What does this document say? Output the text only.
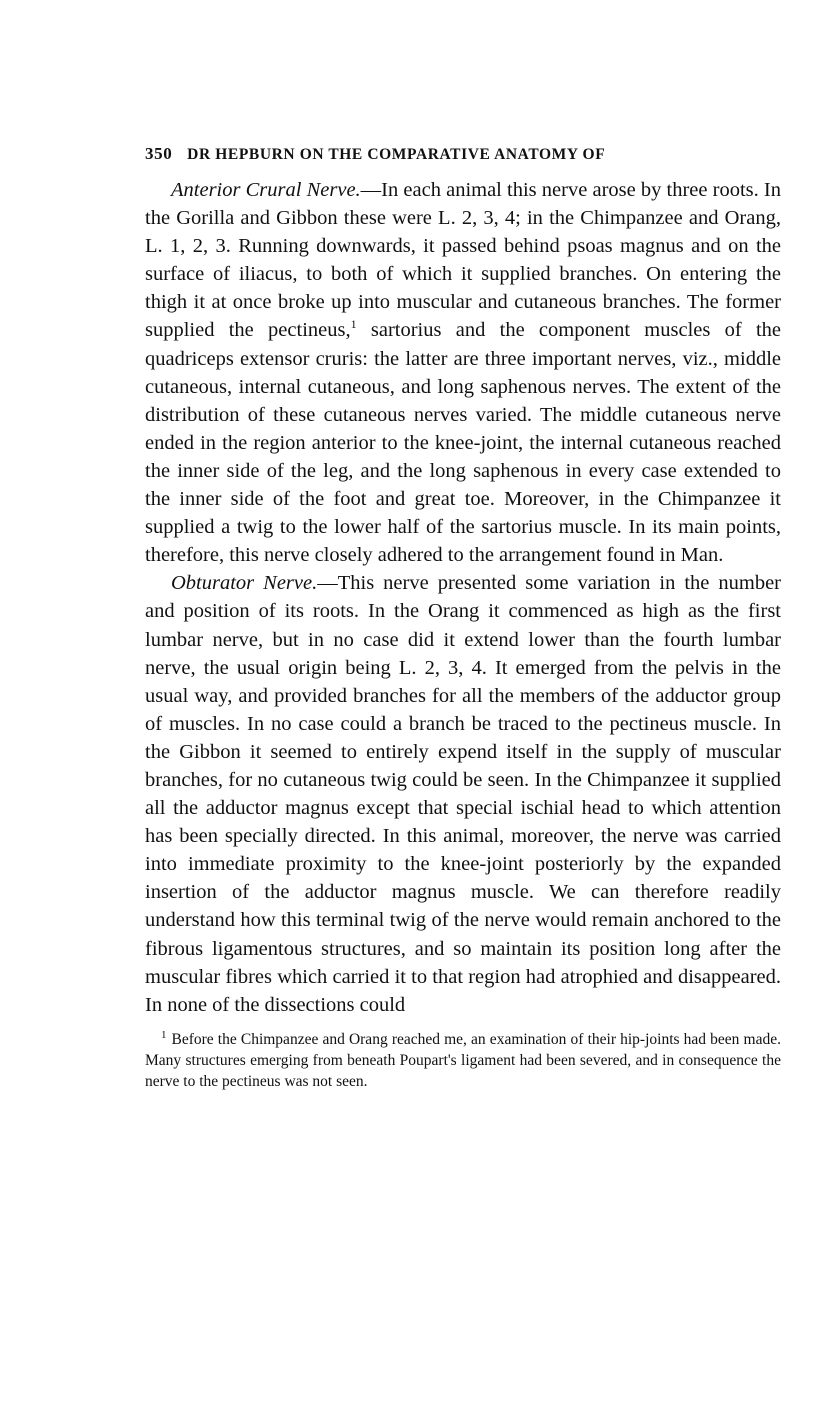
350 DR HEPBURN ON THE COMPARATIVE ANATOMY OF

Anterior Crural Nerve.—In each animal this nerve arose by three roots. In the Gorilla and Gibbon these were L. 2, 3, 4; in the Chimpanzee and Orang, L. 1, 2, 3. Running downwards, it passed behind psoas magnus and on the surface of iliacus, to both of which it supplied branches. On entering the thigh it at once broke up into muscular and cutaneous branches. The former supplied the pectineus,$^1$ sartorius and the component muscles of the quadriceps extensor cruris: the latter are three important nerves, viz., middle cutaneous, internal cutaneous, and long saphenous nerves. The extent of the distribution of these cutaneous nerves varied. The middle cutaneous nerve ended in the region anterior to the knee-joint, the internal cutaneous reached the inner side of the leg, and the long saphenous in every case extended to the inner side of the foot and great toe. Moreover, in the Chimpanzee it supplied a twig to the lower half of the sartorius muscle. In its main points, therefore, this nerve closely adhered to the arrangement found in Man.

Obturator Nerve.—This nerve presented some variation in the number and position of its roots. In the Orang it commenced as high as the first lumbar nerve, but in no case did it extend lower than the fourth lumbar nerve, the usual origin being L. 2, 3, 4. It emerged from the pelvis in the usual way, and provided branches for all the members of the adductor group of muscles. In no case could a branch be traced to the pectineus muscle. In the Gibbon it seemed to entirely expend itself in the supply of muscular branches, for no cutaneous twig could be seen. In the Chimpanzee it supplied all the adductor magnus except that special ischial head to which attention has been specially directed. In this animal, moreover, the nerve was carried into immediate proximity to the knee-joint posteriorly by the expanded insertion of the adductor magnus muscle. We can therefore readily understand how this terminal twig of the nerve would remain anchored to the fibrous ligamentous structures, and so maintain its position long after the muscular fibres which carried it to that region had atrophied and disappeared. In none of the dissections could

$^1$ Before the Chimpanzee and Orang reached me, an examination of their hip-joints had been made. Many structures emerging from beneath Poupart's ligament had been severed, and in consequence the nerve to the pectineus was not seen.
